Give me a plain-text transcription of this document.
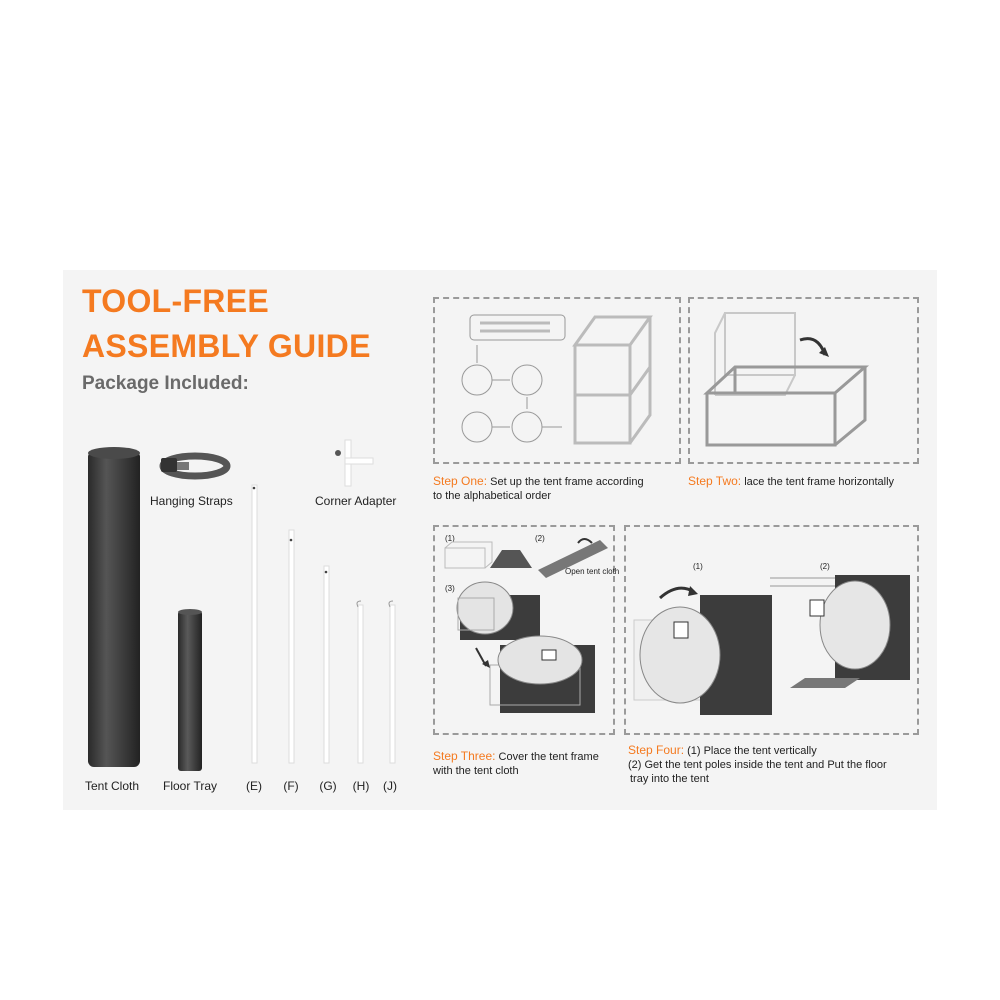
TOOL-FREE
ASSEMBLY GUIDE
Package Included:
Tent Cloth Floor Tray
Hanging Straps	Corner Adapter
(E) (F) (G) (H) (J)
Step One: Set up the tent frame according
to the alphabetical order
Step Two: lace the tent frame horizontally
(1)	(2)
(3)
Open tent cloth
Step Three: Cover the tent frame
with the tent cloth
(1)	(2)
Step Four: (1) Place the tent vertically
(2) Get the tent poles inside the tent and Put the floor
tray into the tent
